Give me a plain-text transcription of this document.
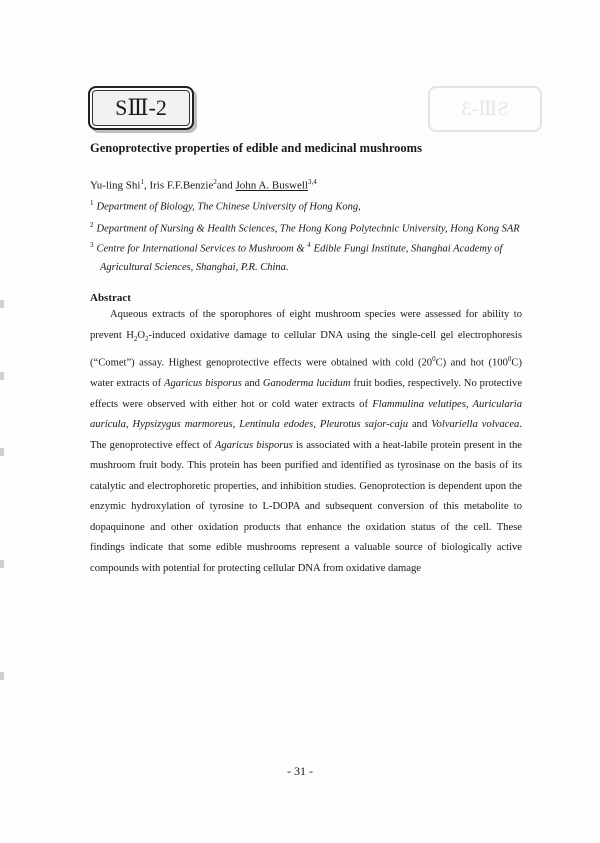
SⅢ-3
SⅢ-2
Genoprotective properties of edible and medicinal mushrooms
Yu-ling Shi$^1$, Iris F.F.Benzie$^2$and John A. Buswell$^{3,4}$
$^1$ Department of Biology, The Chinese University of Hong Kong,
$^2$ Department of Nursing & Health Sciences, The Hong Kong Polytechnic University, Hong Kong SAR
$^3$ Centre for International Services to Mushroom & $^4$ Edible Fungi Institute, Shanghai Academy of
Agricultural Sciences, Shanghai, P.R. China.
Abstract

Aqueous extracts of the sporophores of eight mushroom species were assessed for ability to prevent $H_2O_2$-induced oxidative damage to cellular DNA using the single-cell gel electrophoresis (“Comet”) assay. Highest genoprotective effects were obtained with cold $(20^0C)$ and hot $(100^0C)$ water extracts of Agaricus bisporus and Ganoderma lucidum fruit bodies, respectively. No protective effects were observed with either hot or cold water extracts of Flammulina velutipes, Auricularia auricula, Hypsizygus marmoreus, Lentinula edodes, Pleurotus sajor-caju and Volvariella volvacea. The genoprotective effect of Agaricus bisporus is associated with a heat-labile protein present in the mushroom fruit body. This protein has been purified and identified as tyrosinase on the basis of its catalytic and electrophoretic properties, and inhibition studies. Genoprotection is dependent upon the enzymic hydroxylation of tyrosine to L-DOPA and subsequent conversion of this metabolite to dopaquinone and other oxidation products that enhance the oxidation status of the cell. These findings indicate that some edible mushrooms represent a valuable source of biologically active compounds with potential for protecting cellular DNA from oxidative damage

- 31 -
